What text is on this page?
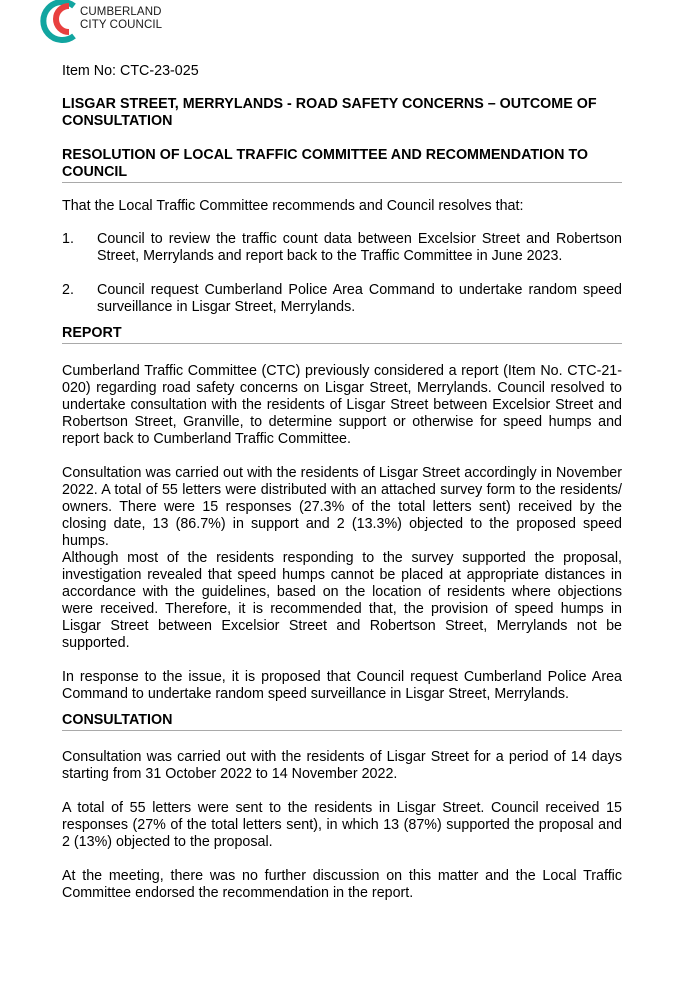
CUMBERLAND
CITY COUNCIL

Item No: CTC-23-025

LISGAR STREET, MERRYLANDS - ROAD SAFETY CONCERNS – OUTCOME OF CONSULTATION

RESOLUTION OF LOCAL TRAFFIC COMMITTEE AND RECOMMENDATION TO COUNCIL

That the Local Traffic Committee recommends and Council resolves that:

1.	Council to review the traffic count data between Excelsior Street and Robertson Street, Merrylands and report back to the Traffic Committee in June 2023.
2.	Council request Cumberland Police Area Command to undertake random speed surveillance in Lisgar Street, Merrylands.

REPORT

Cumberland Traffic Committee (CTC) previously considered a report (Item No. CTC-21-020) regarding road safety concerns on Lisgar Street, Merrylands. Council resolved to undertake consultation with the residents of Lisgar Street between Excelsior Street and Robertson Street, Granville, to determine support or otherwise for speed humps and report back to Cumberland Traffic Committee.

Consultation was carried out with the residents of Lisgar Street accordingly in November 2022. A total of 55 letters were distributed with an attached survey form to the residents/ owners. There were 15 responses (27.3% of the total letters sent) received by the closing date, 13 (86.7%) in support and 2 (13.3%) objected to the proposed speed humps.

Although most of the residents responding to the survey supported the proposal, investigation revealed that speed humps cannot be placed at appropriate distances in accordance with the guidelines, based on the location of residents where objections were received. Therefore, it is recommended that, the provision of speed humps in Lisgar Street between Excelsior Street and Robertson Street, Merrylands not be supported.

In response to the issue, it is proposed that Council request Cumberland Police Area Command to undertake random speed surveillance in Lisgar Street, Merrylands.

CONSULTATION

Consultation was carried out with the residents of Lisgar Street for a period of 14 days starting from 31 October 2022 to 14 November 2022.

A total of 55 letters were sent to the residents in Lisgar Street. Council received 15 responses (27% of the total letters sent), in which 13 (87%) supported the proposal and 2 (13%) objected to the proposal.

At the meeting, there was no further discussion on this matter and the Local Traffic Committee endorsed the recommendation in the report.
